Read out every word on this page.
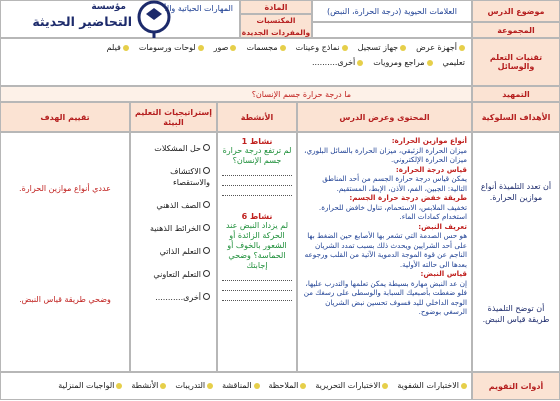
موضوع الدرس
العلامات الحيوية (درجة الحرارة، النبض)
المادة
المكتسبات والمفردات الجديدة
المهارات الحياتية والأ
المجموعة
مؤسسة
التحاضير الحديثة
تقنيات التعلم والوسائل
أجهزة عرض
جهاز تسجيل
نماذج وعينات
مجسمات
صور
لوحات ورسومات
فيلم
تعليمي
مراجع ومرويات
أخرى..........
التمهيد
ما درجة حرارة جسم الإنسان؟
الأهداف السلوكية
المحتوى وعرض الدرس
الأنشطة
إستراتيجيات التعليم البيئة
تقييم الهدف
أن تعدد التلميذة أنواع موازين الحرارة.
أن توضح التلميذة طريقة قياس النبض.
أنواع موازين الحرارة:
ميزان الحرارة الزئبقي، ميزان الحرارة بالسائل البلوري، ميزان الحرارة الإلكتروني.
قياس درجة الحرارة:
يمكن قياس درجة حرارة الجسم من أحد المناطق التالية: الجبين، الفم، الأذن، الإبط، المستقيم.
طريقة خفض درجة حرارة الجسم:
تخفيف الملابس، الاستحمام، تناول خافض للحرارة.
استخدام كمادات الماء.
تعريف النبض:
هو حس الصدمة التي تشعر بها الأصابع حين الضغط بها على أحد الشرايين ويحدث ذلك بسبب تمدد الشريان الناجم عن قوة الموجة الدموية الآتية من القلب ورجوعه بعدها الى حالته الأولية.
قياس النبض:
إن عد النبض مهارة بسيطة يمكن تعلمها والتدرب عليها، فلو ضغطت بأصبعيك السبابة والوسطى على رسغك من الوجه الداخلي لليد فسوف تحسين نبض الشريان الرسغي بوضوح.
نشاط 1
لم ترتفع درجة حرارة جسم الإنسان؟
نشاط 6
لم يزداد النبض عند الحركة الزائدة أو الشعور بالخوف أو الحماسة؟ وضحي إجابتك
حل المشكلات
الاكتشاف والاستقصاء
الصف الذهني
الخرائط الذهنية
التعلم الذاتي
التعلم التعاوني
أخرى...........
عددي أنواع موازين الحرارة.
وضحي طريقة قياس النبض.
أدوات التقويم
الاختبارات الشفوية
الاختبارات التحريرية
الملاحظة
المناقشة
التدريبات
الأنشطة
الواجبات المنزلية
